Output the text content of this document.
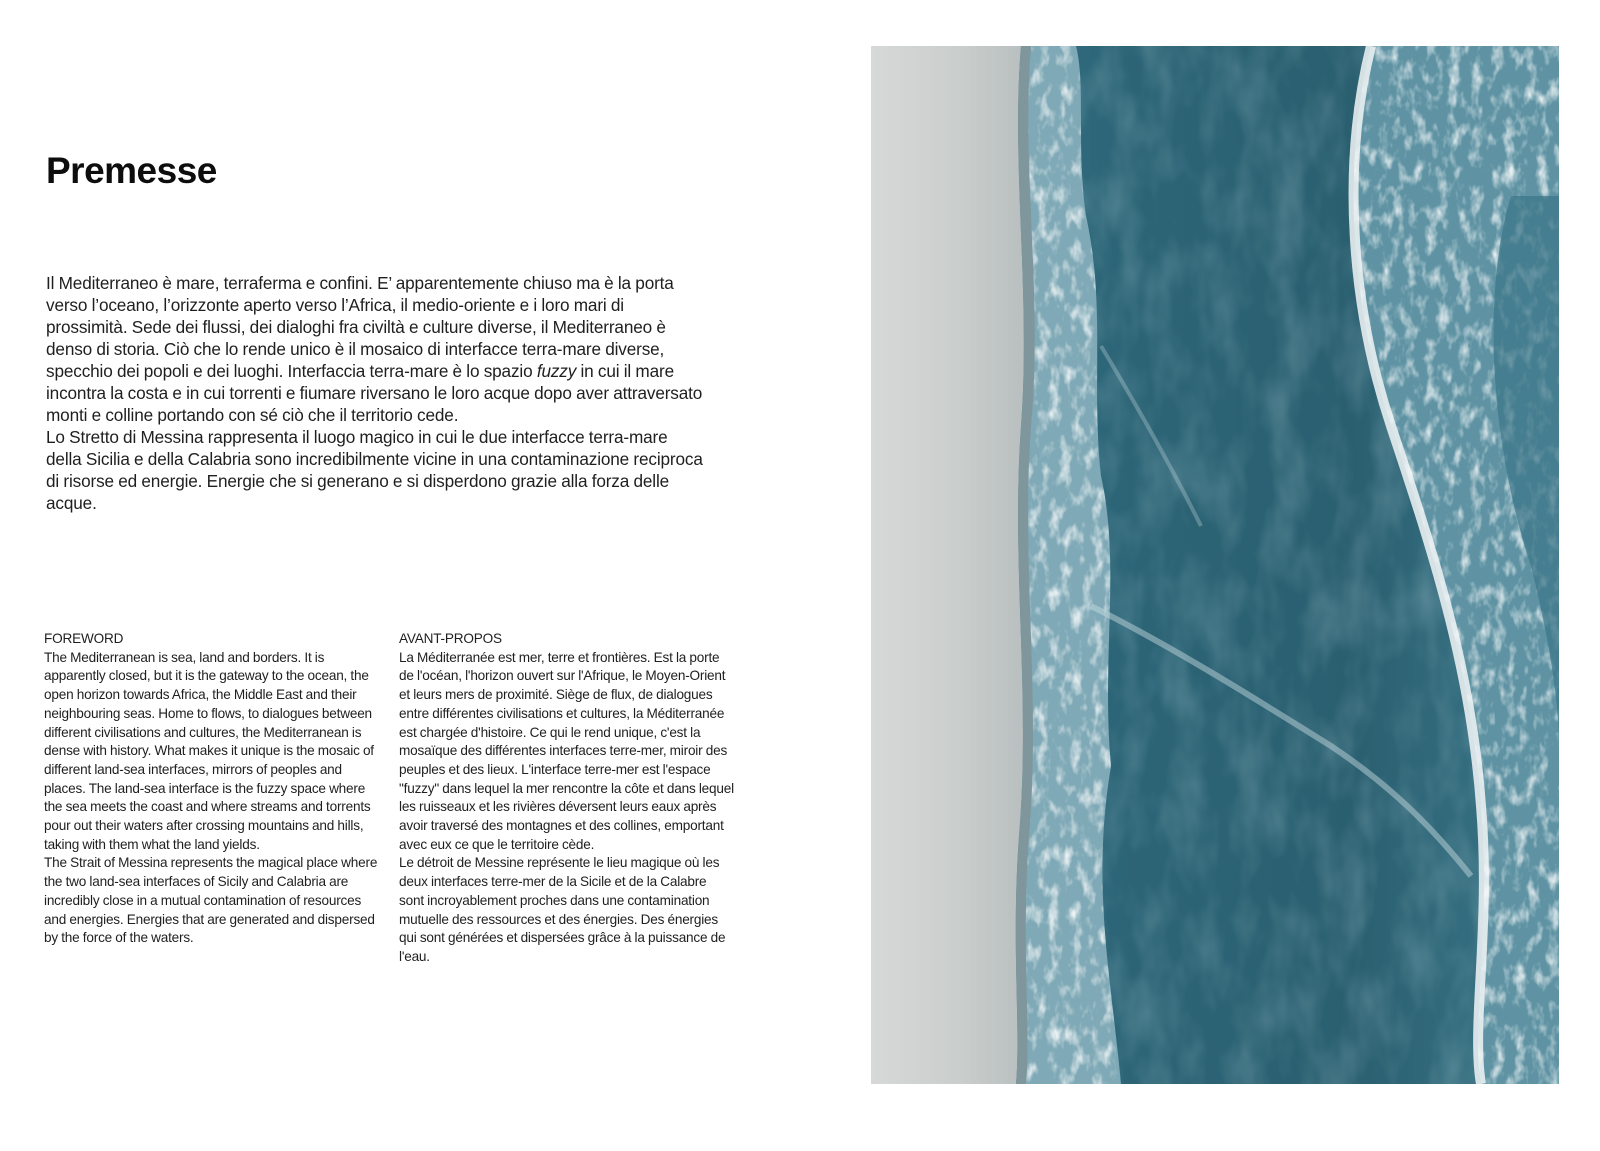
Premesse

Il Mediterraneo è mare, terraferma e confini. E’ apparentemente chiuso ma è la porta verso l’oceano, l’orizzonte aperto verso l’Africa, il medio-oriente e i loro mari di prossimità. Sede dei flussi, dei dialoghi fra civiltà e culture diverse, il Mediterraneo è denso di storia. Ciò che lo rende unico è il mosaico di interfacce terra-mare diverse, specchio dei popoli e dei luoghi. Interfaccia terra-mare è lo spazio fuzzy in cui il mare incontra la costa e in cui torrenti e fiumare riversano le loro acque dopo aver attraversato monti e colline portando con sé ciò che il territorio cede.

Lo Stretto di Messina rappresenta il luogo magico in cui le due interfacce terra-mare della Sicilia e della Calabria sono incredibilmente vicine in una contaminazione reciproca di risorse ed energie. Energie che si generano e si disperdono grazie alla forza delle acque.

FOREWORD

The Mediterranean is sea, land and borders. It is apparently closed, but it is the gateway to the ocean, the open horizon towards Africa, the Middle East and their neighbouring seas. Home to flows, to dialogues between different civilisations and cultures, the Mediterranean is dense with history. What makes it unique is the mosaic of different land-sea interfaces, mirrors of peoples and places. The land-sea interface is the fuzzy space where the sea meets the coast and where streams and torrents pour out their waters after crossing mountains and hills, taking with them what the land yields.

The Strait of Messina represents the magical place where the two land-sea interfaces of Sicily and Calabria are incredibly close in a mutual contamination of resources and energies. Energies that are generated and dispersed by the force of the waters.

AVANT-PROPOS

La Méditerranée est mer, terre et frontières. Est la porte de l'océan, l'horizon ouvert sur l'Afrique, le Moyen-Orient et leurs mers de proximité. Siège de flux, de dialogues entre différentes civilisations et cultures, la Méditerranée est chargée d'histoire. Ce qui le rend unique, c'est la mosaïque des différentes interfaces terre-mer, miroir des peuples et des lieux. L'interface terre-mer est l'espace "fuzzy" dans lequel la mer rencontre la côte et dans lequel les ruisseaux et les rivières déversent leurs eaux après avoir traversé des montagnes et des collines, emportant avec eux ce que le territoire cède.

Le détroit de Messine représente le lieu magique où les deux interfaces terre-mer de la Sicile et de la Calabre sont incroyablement proches dans une contamination mutuelle des ressources et des énergies. Des énergies qui sont générées et dispersées grâce à la puissance de l'eau.
